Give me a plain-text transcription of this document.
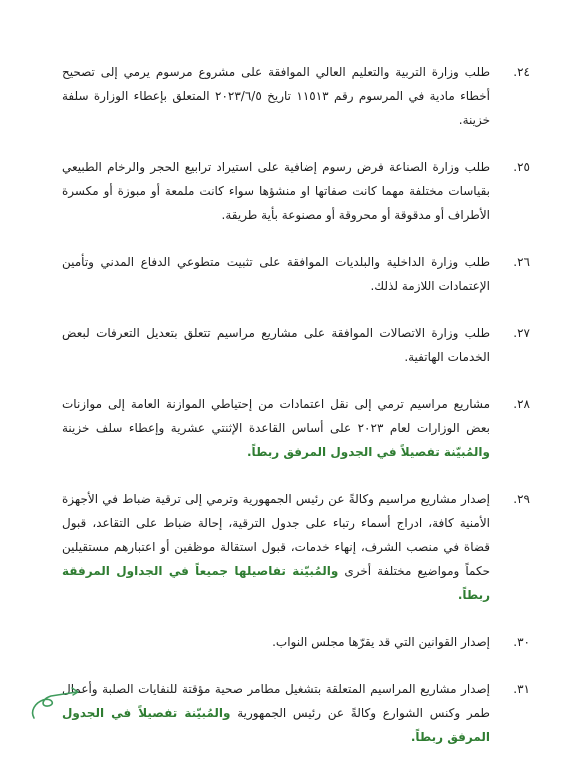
٢٤.
طلب وزارة التربية والتعليم العالي الموافقة على مشروع مرسوم يرمي إلى تصحيح أخطاء مادية في المرسوم رقم ١١٥١٣ تاريخ ٢٠٢٣/٦/٥ المتعلق بإعطاء الوزارة سلفة خزينة.
٢٥.
طلب وزارة الصناعة فرض رسوم إضافية على استيراد ترابيع الحجر والرخام الطبيعي بقياسات مختلفة مهما كانت صفاتها او منشؤها سواء كانت ملمعة أو مبوزة أو مكسرة الأطراف أو مدقوقة أو محروقة أو مصنوعة بأية طريقة.
٢٦.
طلب وزارة الداخلية والبلديات الموافقة على تثبيت متطوعي الدفاع المدني وتأمين الإعتمادات اللازمة لذلك.
٢٧.
طلب وزارة الاتصالات الموافقة على مشاريع مراسيم تتعلق بتعديل التعرفات لبعض الخدمات الهاتفية.
٢٨.
مشاريع مراسيم ترمي إلى نقل اعتمادات من إحتياطي الموازنة العامة إلى موازنات بعض الوزارات لعام ٢٠٢٣ على أساس القاعدة الإثنتي عشرية وإعطاء سلف خزينة والمُبيّنة تفصيلاً في الجدول المرفق ربطاً.
٢٩.
إصدار مشاريع مراسيم وكالةً عن رئيس الجمهورية وترمي إلى ترقية ضباط في الأجهزة الأمنية كافة، ادراج أسماء رتباء على جدول الترقية، إحالة ضباط على التقاعد، قبول قضاة في منصب الشرف، إنهاء خدمات، قبول استقالة موظفين أو اعتبارهم مستقيلين حكماً ومواضيع مختلفة أخرى والمُبيّنة تفاصيلها جميعاً في الجداول المرفقة ربطاً.
٣٠.
إصدار القوانين التي قد يقرّها مجلس النواب.
٣١.
إصدار مشاريع المراسيم المتعلقة بتشغيل مطامر صحية مؤقتة للنفايات الصلبة وأعمال طمر وكنس الشوارع وكالةً عن رئيس الجمهورية والمُبيّنة تفصيلاً في الجدول المرفق ربطاً.
